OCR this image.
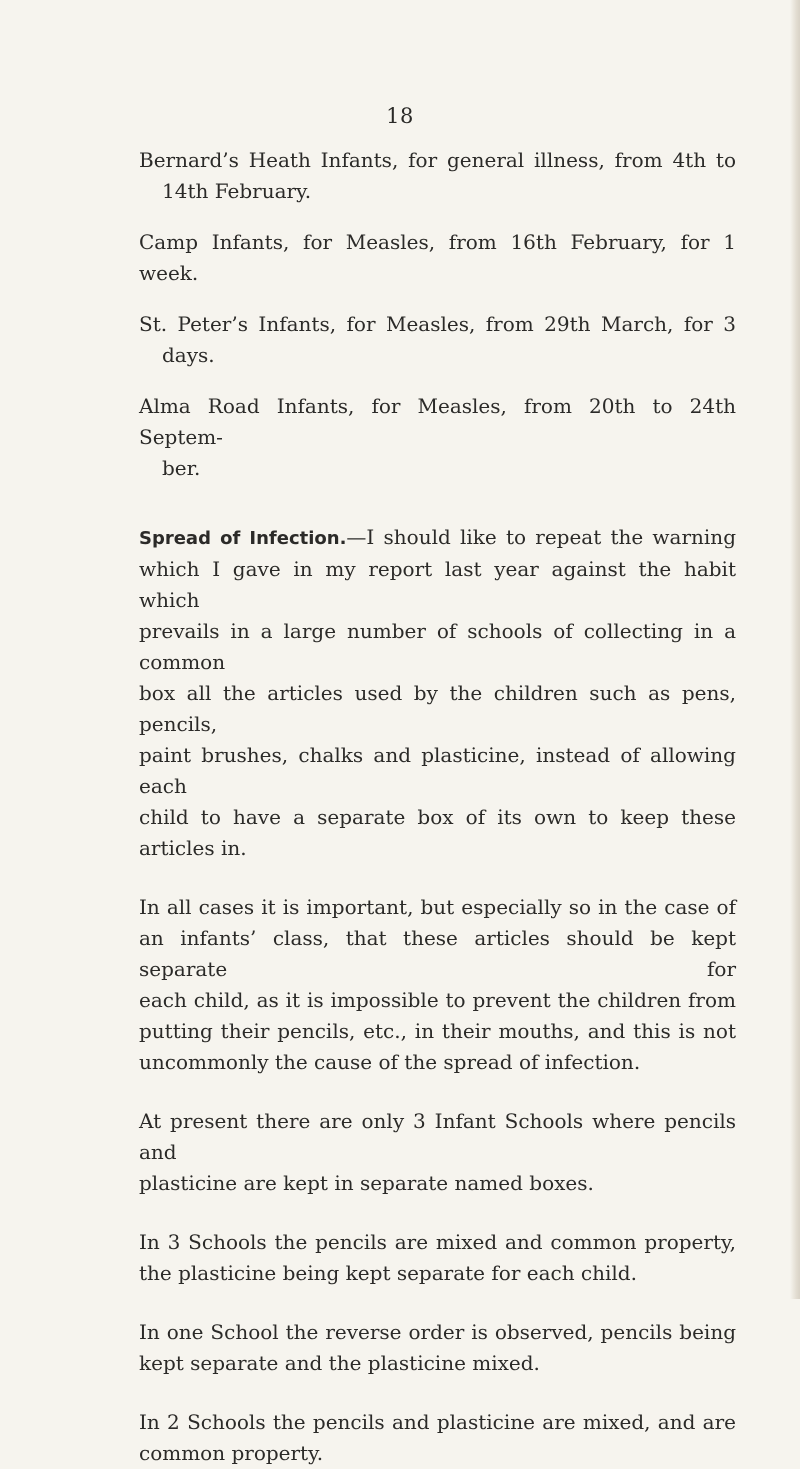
18
Bernard’s Heath Infants, for general illness, from 4th to
14th February.
Camp Infants, for Measles, from 16th February, for 1 week.
St. Peter’s Infants, for Measles, from 29th March, for 3
days.
Alma Road Infants, for Measles, from 20th to 24th Septem-
ber.
Spread of Infection.—I should like to repeat the warning
which I gave in my report last year against the habit which
prevails in a large number of schools of collecting in a common
box all the articles used by the children such as pens, pencils,
paint brushes, chalks and plasticine, instead of allowing each
child to have a separate box of its own to keep these articles in.
In all cases it is important, but especially so in the case of
an infants’ class, that these articles should be kept separate for
each child, as it is impossible to prevent the children from
putting their pencils, etc., in their mouths, and this is not
uncommonly the cause of the spread of infection.
At present there are only 3 Infant Schools where pencils and
plasticine are kept in separate named boxes.
In 3 Schools the pencils are mixed and common property,
the plasticine being kept separate for each child.
In one School the reverse order is observed, pencils being
kept separate and the plasticine mixed.
In 2 Schools the pencils and plasticine are mixed, and are
common property.
